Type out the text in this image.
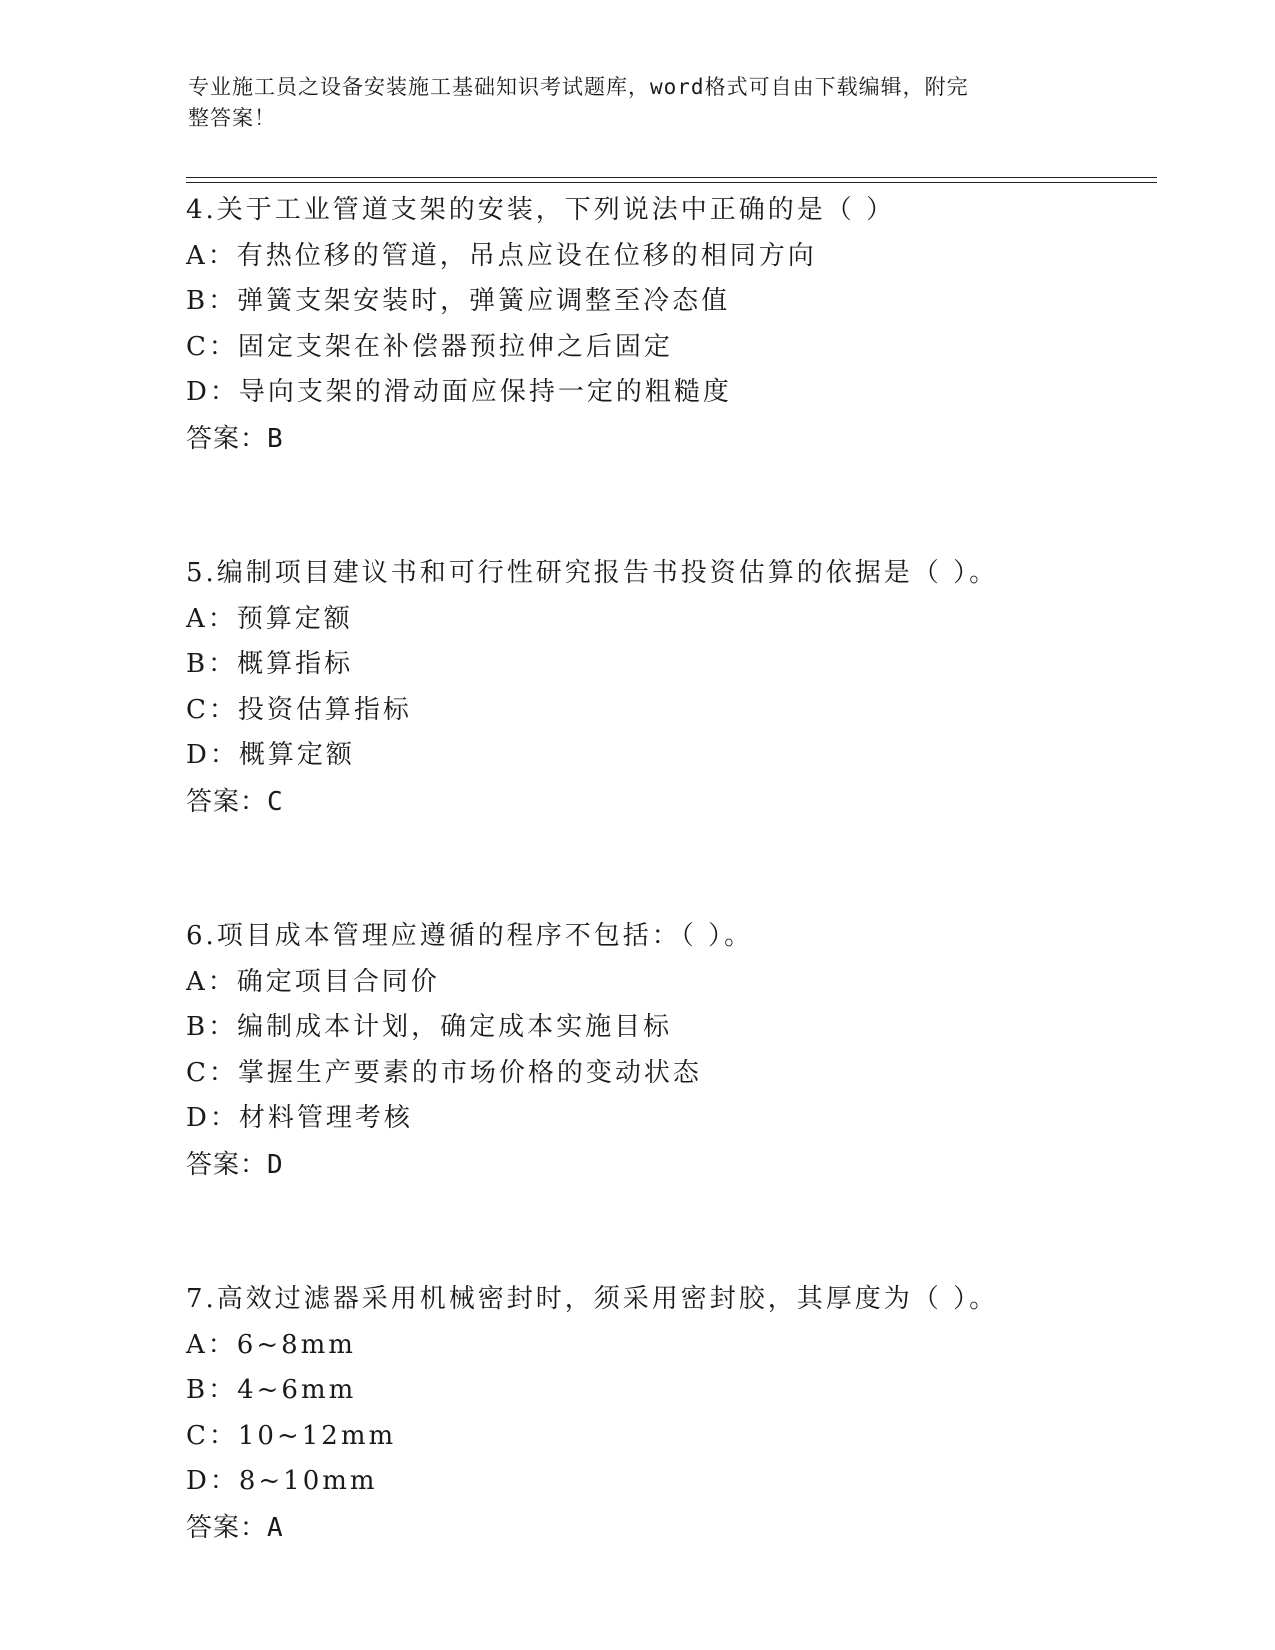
专业施工员之设备安装施工基础知识考试题库，word格式可自由下载编辑，附完
整答案！
4.关于工业管道支架的安装，下列说法中正确的是（ ）
A：有热位移的管道，吊点应设在位移的相同方向
B：弹簧支架安装时，弹簧应调整至冷态值
C：固定支架在补偿器预拉伸之后固定
D：导向支架的滑动面应保持一定的粗糙度
答案：B
5.编制项目建议书和可行性研究报告书投资估算的依据是（ ）。
A：预算定额
B：概算指标
C：投资估算指标
D：概算定额
答案：C
6.项目成本管理应遵循的程序不包括：（ ）。
A：确定项目合同价
B：编制成本计划，确定成本实施目标
C：掌握生产要素的市场价格的变动状态
D：材料管理考核
答案：D
7.高效过滤器采用机械密封时，须采用密封胶，其厚度为（ ）。
A：6~8mm
B：4~6mm
C：10~12mm
D：8~10mm
答案：A
